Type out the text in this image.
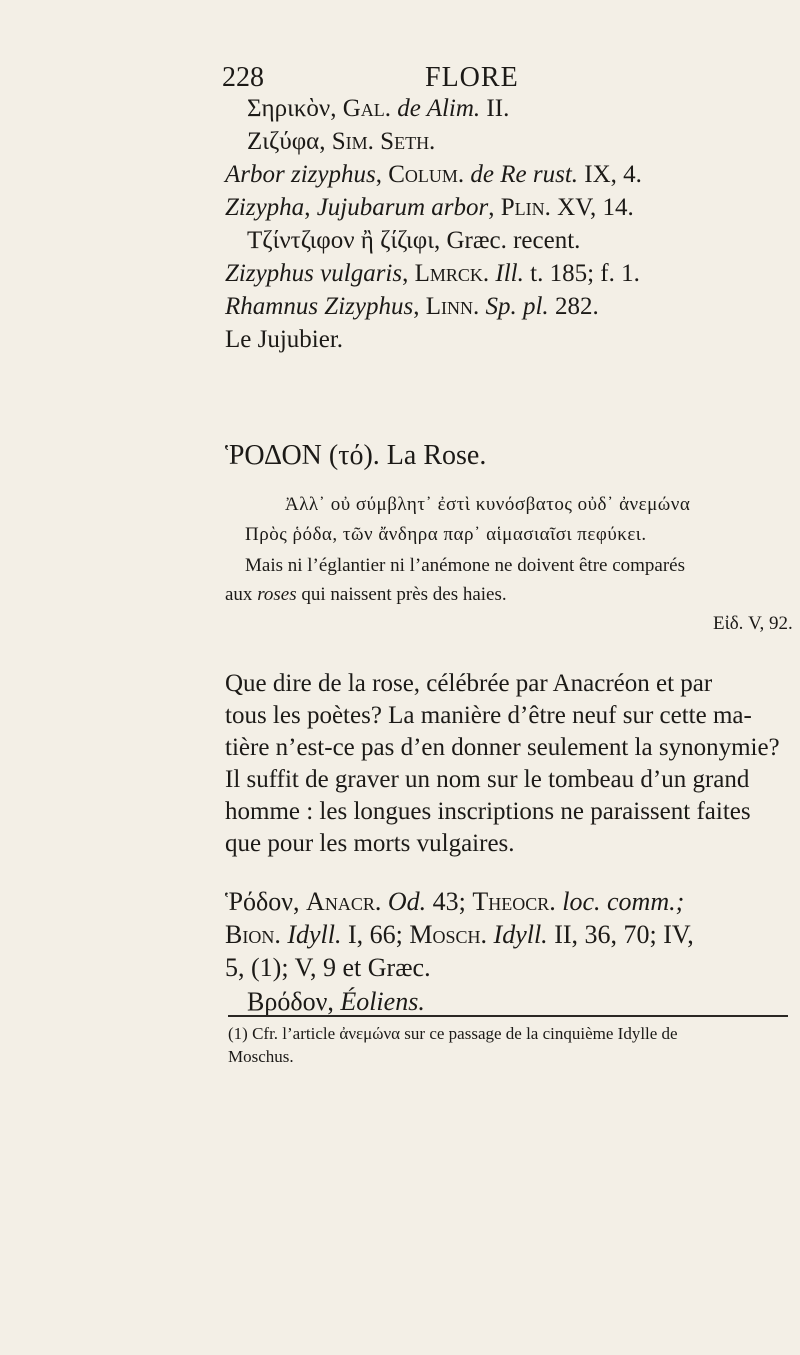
228	FLORE
Σηρικὸν, Gal. de Alim. II.
Ζιζύφα, Sim. Seth.
Arbor zizyphus, Colum. de Re rust. IX, 4.
Zizypha, Jujubarum arbor, Plin. XV, 14.
Τζίντζιφον ἢ ζίζιφι, Græc. recent.
Zizyphus vulgaris, Lmrck. Ill. t. 185; f. 1.
Rhamnus Zizyphus, Linn. Sp. pl. 282.
Le Jujubier.
ῬΟΔΟΝ (τό). La Rose.
Ἀλλ᾽ οὐ σύμβλητ᾽ ἐστὶ κυνόσβατος οὐδ᾽ ἀνεμώνα
Πρὸς ῥόδα, τῶν ἄνδηρα παρ᾽ αἱμασιαῖσι πεφύκει.
Mais ni l’églantier ni l’anémone ne doivent être comparés
aux roses qui naissent près des haies.
Εἰδ. V, 92.
Que dire de la rose, célébrée par Anacréon et par
tous les poètes? La manière d’être neuf sur cette ma-
tière n’est-ce pas d’en donner seulement la synonymie?
Il suffit de graver un nom sur le tombeau d’un grand
homme : les longues inscriptions ne paraissent faites
que pour les morts vulgaires.
Ῥόδον, Anacr. Od. 43; Theocr. loc. comm.;
Bion. Idyll. I, 66; Mosch. Idyll. II, 36, 70; IV,
5, (1); V, 9 et Græc.
Βρόδον, Éoliens.
(1) Cfr. l’article ἀνεμώνα sur ce passage de la cinquième Idylle de
Moschus.
